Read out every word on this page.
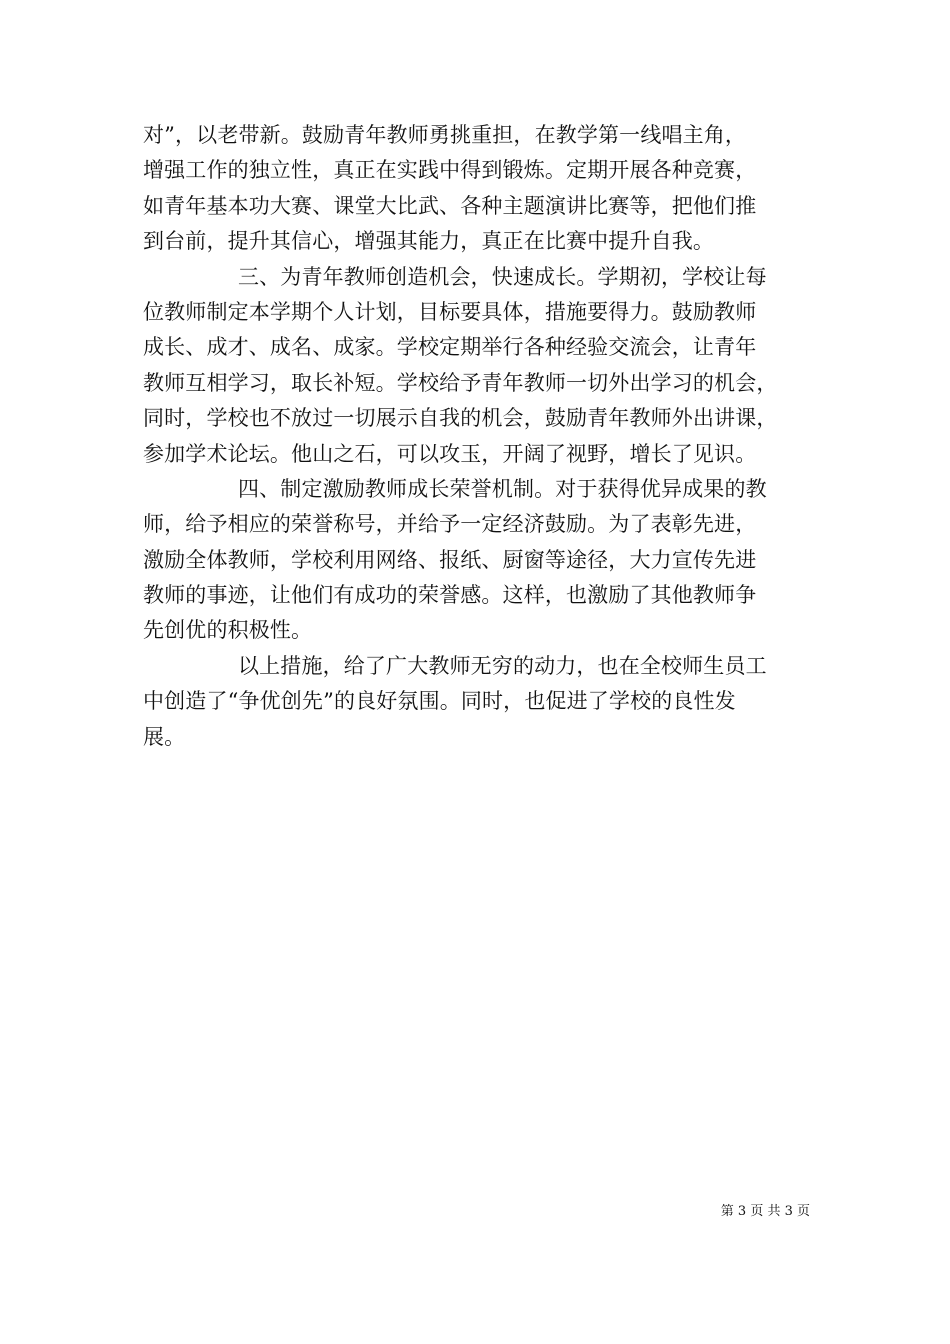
对”，以老带新。鼓励青年教师勇挑重担，在教学第一线唱主角，
增强工作的独立性，真正在实践中得到锻炼。定期开展各种竞赛，
如青年基本功大赛、课堂大比武、各种主题演讲比赛等，把他们推
到台前，提升其信心，增强其能力，真正在比赛中提升自我。
三、为青年教师创造机会，快速成长。学期初，学校让每
位教师制定本学期个人计划，目标要具体，措施要得力。鼓励教师
成长、成才、成名、成家。学校定期举行各种经验交流会，让青年
教师互相学习，取长补短。学校给予青年教师一切外出学习的机会，
同时，学校也不放过一切展示自我的机会，鼓励青年教师外出讲课，
参加学术论坛。他山之石，可以攻玉，开阔了视野，增长了见识。
四、制定激励教师成长荣誉机制。对于获得优异成果的教
师，给予相应的荣誉称号，并给予一定经济鼓励。为了表彰先进，
激励全体教师，学校利用网络、报纸、厨窗等途径，大力宣传先进
教师的事迹，让他们有成功的荣誉感。这样，也激励了其他教师争
先创优的积极性。
以上措施，给了广大教师无穷的动力，也在全校师生员工
中创造了“争优创先”的良好氛围。同时，也促进了学校的良性发
展。
第 3 页 共 3 页
